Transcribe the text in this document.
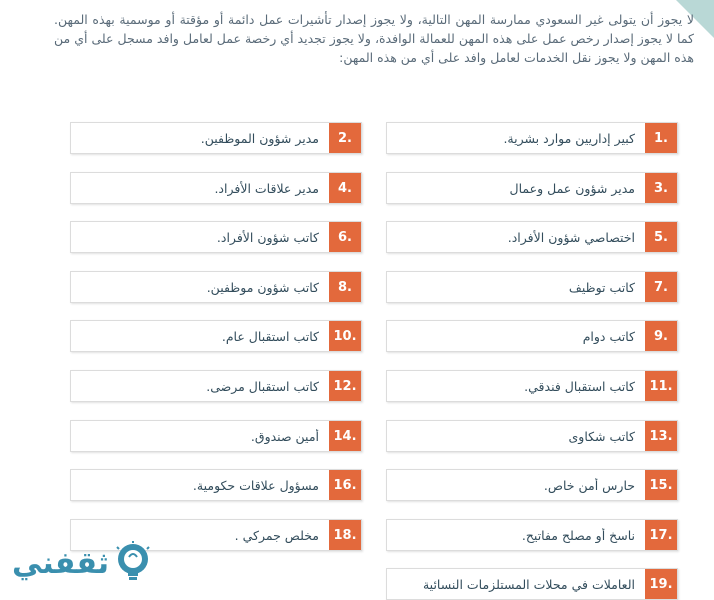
لا يجوز أن يتولى غير السعودي ممارسة المهن التالية، ولا يجوز إصدار تأشيرات عمل دائمة أو مؤقتة أو موسمية بهذه المهن. كما لا يجوز إصدار رخص عمل على هذه المهن للعمالة الوافدة، ولا يجوز تجديد أي رخصة عمل لعامل وافد مسجل على أي من هذه المهن ولا يجوز نقل الخدمات لعامل وافد على أي من هذه المهن:

1.
كبير إداريين موارد بشرية.
2.
مدير شؤون الموظفين.
3.
مدير شؤون عمل وعمال
4.
مدير علاقات الأفراد.
5.
اختصاصي شؤون الأفراد.
6.
كاتب شؤون الأفراد.
7.
كاتب توظيف
8.
كاتب شؤون موظفين.
9.
كاتب دوام
10.
كاتب استقبال عام.
11.
كاتب استقبال فندقي.
12.
كاتب استقبال مرضى.
13.
كاتب شكاوى
14.
أمين صندوق.
15.
حارس أمن خاص.
16.
مسؤول علاقات حكومية.
17.
ناسخ أو مصلح مفاتيح.
18.
مخلص جمركي .
19.
العاملات في محلات المستلزمات النسائية
ثقفني
